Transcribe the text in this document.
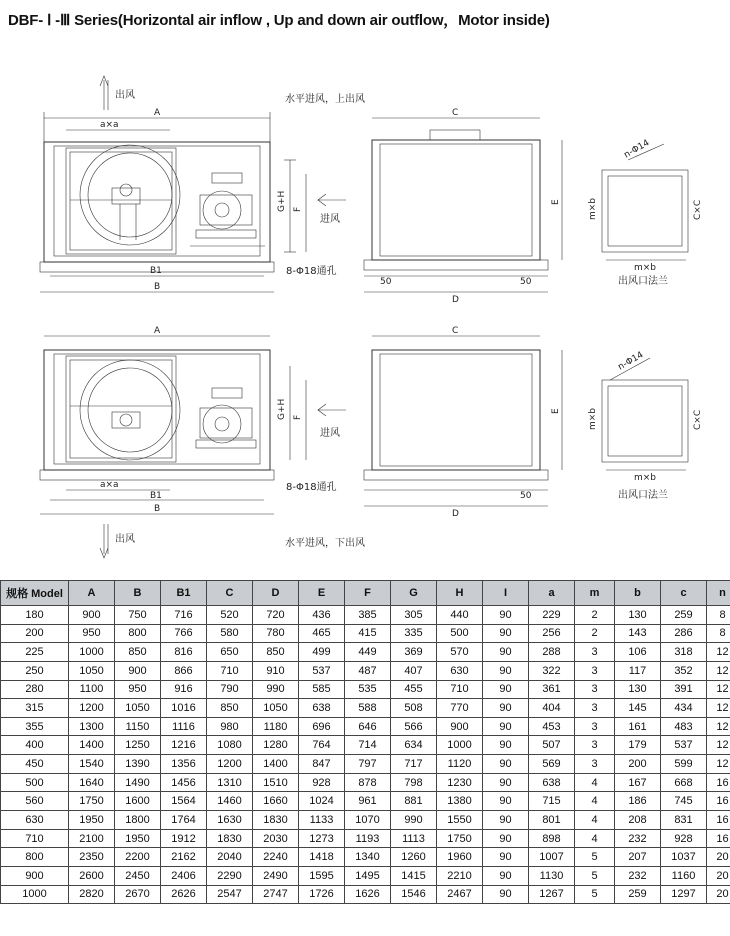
DBF- Ⅰ -Ⅲ Series(Horizontal air inflow , Up and down air outflow，Motor inside)
出风	水平进风，上出风
A
a×a
G+H F
进风
B1
B
8-Φ18通孔
C
E
50	50
D
n-Φ14
m×b	C×C
m×b
出风口法兰
A
G+H F
进风
a×a
B1
B
8-Φ18通孔
出风	水平进风，下出风
C
E
50
D
n-Φ14
m×b	C×C
m×b
出风口法兰
规格 Model	A	B	B1	C	D	E	F	G	H	I	a	m	b	c	n
180	900	750	716	520	720	436	385	305	440	90	229	2	130	259	8
200	950	800	766	580	780	465	415	335	500	90	256	2	143	286	8
225	1000	850	816	650	850	499	449	369	570	90	288	3	106	318	12
250	1050	900	866	710	910	537	487	407	630	90	322	3	117	352	12
280	1100	950	916	790	990	585	535	455	710	90	361	3	130	391	12
315	1200	1050	1016	850	1050	638	588	508	770	90	404	3	145	434	12
355	1300	1150	1116	980	1180	696	646	566	900	90	453	3	161	483	12
400	1400	1250	1216	1080	1280	764	714	634	1000	90	507	3	179	537	12
450	1540	1390	1356	1200	1400	847	797	717	1120	90	569	3	200	599	12
500	1640	1490	1456	1310	1510	928	878	798	1230	90	638	4	167	668	16
560	1750	1600	1564	1460	1660	1024	961	881	1380	90	715	4	186	745	16
630	1950	1800	1764	1630	1830	1133	1070	990	1550	90	801	4	208	831	16
710	2100	1950	1912	1830	2030	1273	1193	1113	1750	90	898	4	232	928	16
800	2350	2200	2162	2040	2240	1418	1340	1260	1960	90	1007	5	207	1037	20
900	2600	2450	2406	2290	2490	1595	1495	1415	2210	90	1130	5	232	1160	20
1000	2820	2670	2626	2547	2747	1726	1626	1546	2467	90	1267	5	259	1297	20
